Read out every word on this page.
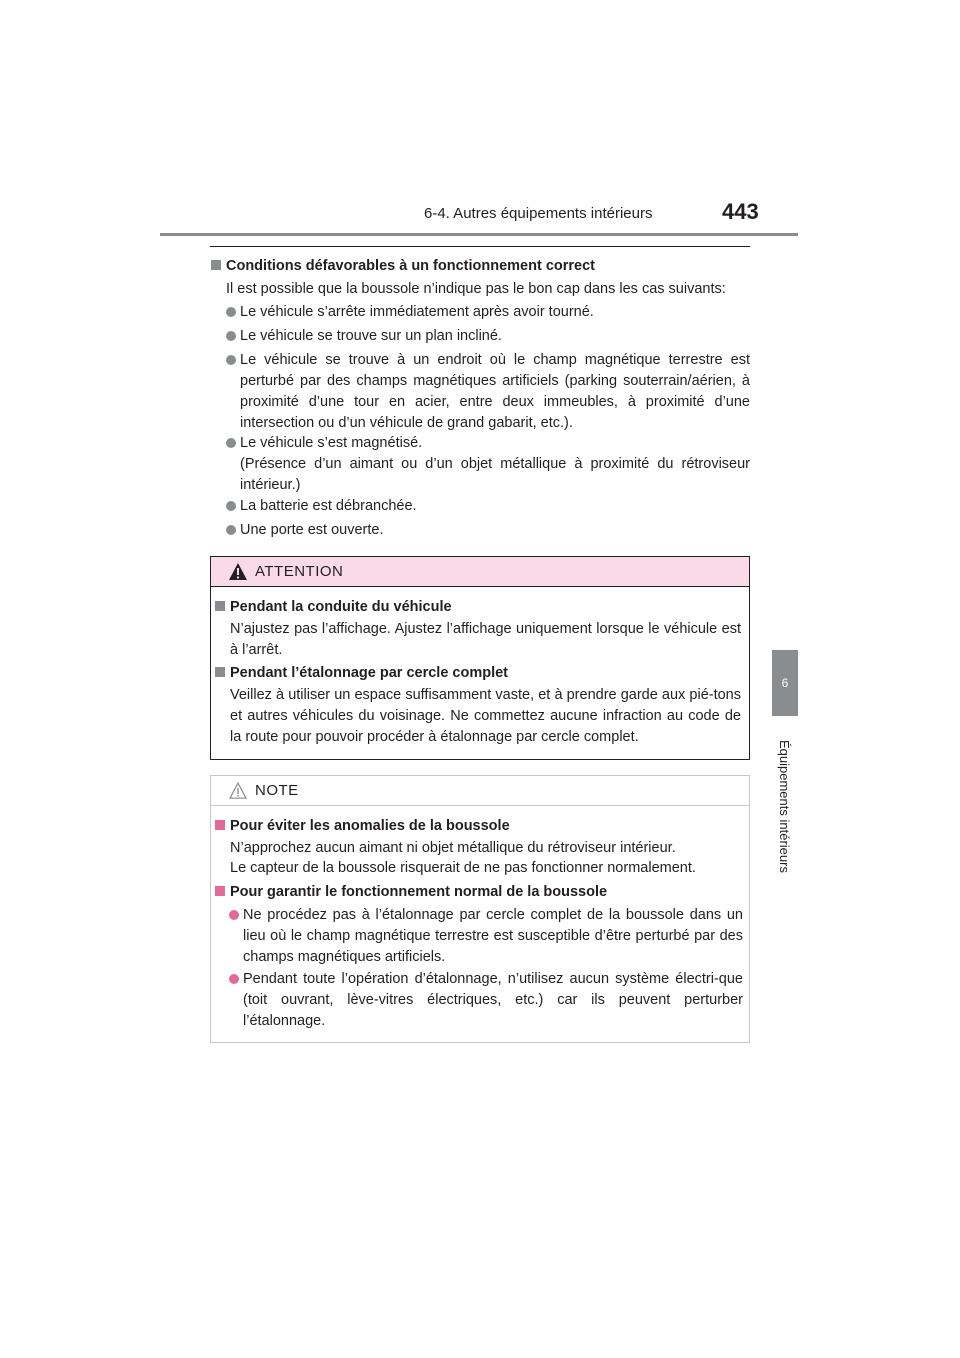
6-4. Autres équipements intérieurs	443
6
Équipements intérieurs

Conditions défavorables à un fonctionnement correct

Il est possible que la boussole n’indique pas le bon cap dans les cas suivants:

Le véhicule s’arrête immédiatement après avoir tourné.
Le véhicule se trouve sur un plan incliné.
Le véhicule se trouve à un endroit où le champ magnétique terrestre est perturbé par des champs magnétiques artificiels (parking souterrain/aérien, à proximité d’une tour en acier, entre deux immeubles, à proximité d’une intersection ou d’un véhicule de grand gabarit, etc.).
Le véhicule s’est magnétisé.
(Présence d’un aimant ou d’un objet métallique à proximité du rétroviseur intérieur.)
La batterie est débranchée.
Une porte est ouverte.
ATTENTION

Pendant la conduite du véhicule

N’ajustez pas l’affichage. Ajustez l’affichage uniquement lorsque le véhicule est à l’arrêt.

Pendant l’étalonnage par cercle complet

Veillez à utiliser un espace suffisamment vaste, et à prendre garde aux pié-tons et autres véhicules du voisinage. Ne commettez aucune infraction au code de la route pour pouvoir procéder à étalonnage par cercle complet.

NOTE

Pour éviter les anomalies de la boussole

N’approchez aucun aimant ni objet métallique du rétroviseur intérieur.

Le capteur de la boussole risquerait de ne pas fonctionner normalement.

Pour garantir le fonctionnement normal de la boussole

Ne procédez pas à l’étalonnage par cercle complet de la boussole dans un lieu où le champ magnétique terrestre est susceptible d’être perturbé par des champs magnétiques artificiels.
Pendant toute l’opération d’étalonnage, n’utilisez aucun système électri-que (toit ouvrant, lève-vitres électriques, etc.) car ils peuvent perturber l’étalonnage.
